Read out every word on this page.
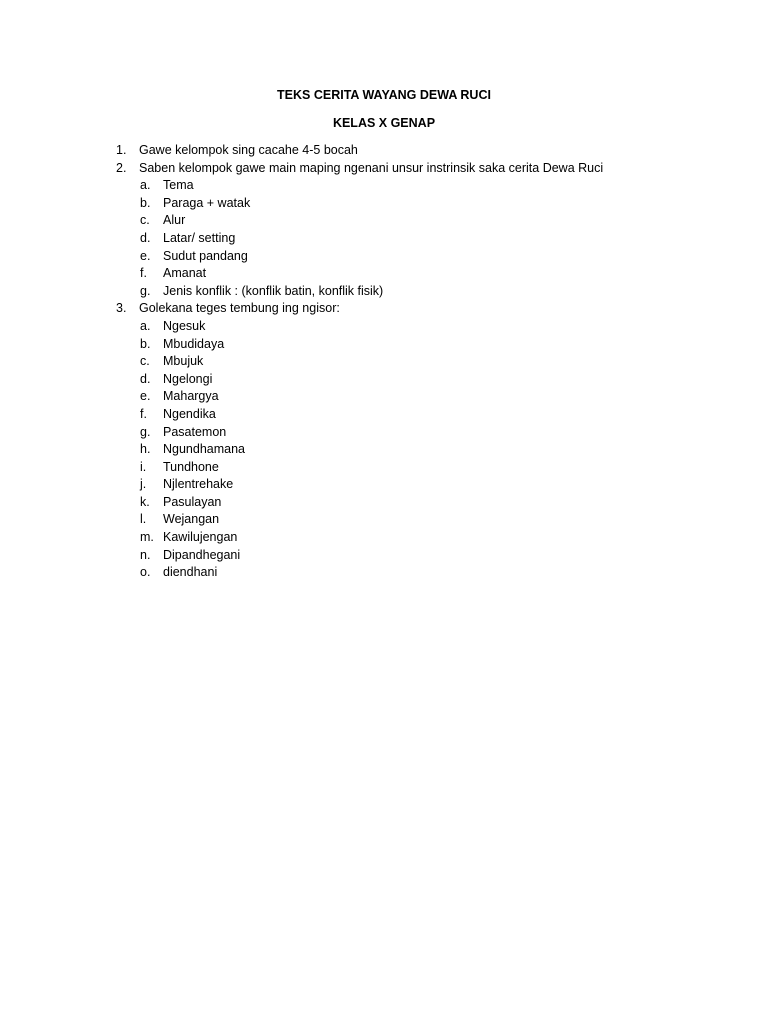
TEKS CERITA WAYANG DEWA RUCI
KELAS X GENAP
1. Gawe kelompok sing cacahe 4-5 bocah
2. Saben kelompok gawe main maping ngenani unsur instrinsik saka cerita Dewa Ruci
a. Tema
b. Paraga + watak
c. Alur
d. Latar/ setting
e. Sudut pandang
f. Amanat
g. Jenis konflik : (konflik batin, konflik fisik)
3. Golekana teges tembung ing ngisor:
a. Ngesuk
b. Mbudidaya
c. Mbujuk
d. Ngelongi
e. Mahargya
f. Ngendika
g. Pasatemon
h. Ngundhamana
i. Tundhone
j. Njlentrehake
k. Pasulayan
l. Wejangan
m. Kawilujengan
n. Dipandhegani
o. diendhani
